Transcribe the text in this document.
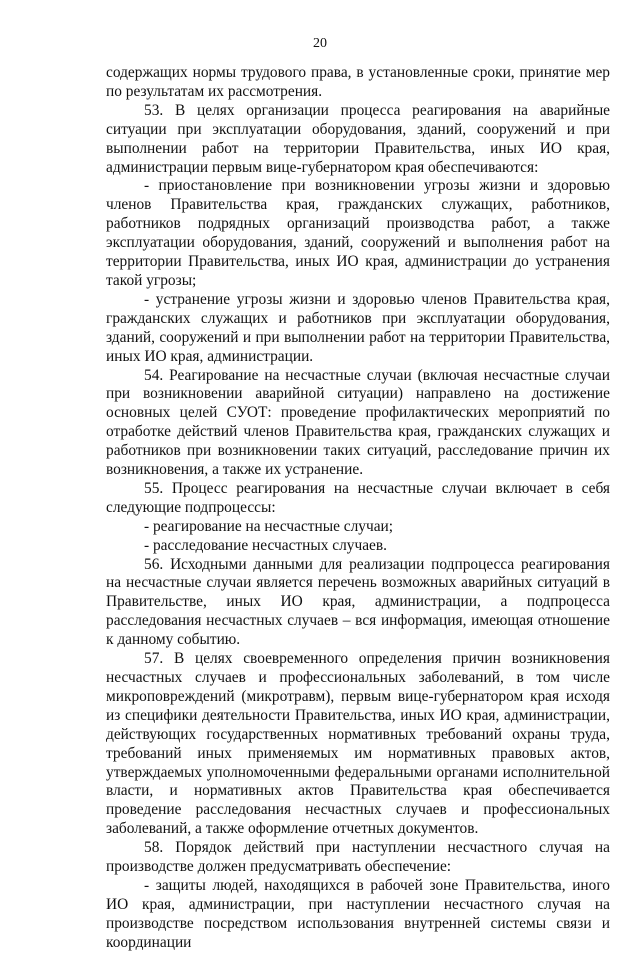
20

содержащих нормы трудового права, в установленные сроки, принятие мер по результатам их рассмотрения.

53. В целях организации процесса реагирования на аварийные ситуации при эксплуатации оборудования, зданий, сооружений и при выполнении работ на территории Правительства, иных ИО края, администрации первым вице-губернатором края обеспечиваются:

- приостановление при возникновении угрозы жизни и здоровью членов Правительства края, гражданских служащих, работников, работников подрядных организаций производства работ, а также эксплуатации оборудования, зданий, сооружений и выполнения работ на территории Правительства, иных ИО края, администрации до устранения такой угрозы;

- устранение угрозы жизни и здоровью членов Правительства края, гражданских служащих и работников при эксплуатации оборудования, зданий, сооружений и при выполнении работ на территории Правительства, иных ИО края, администрации.

54. Реагирование на несчастные случаи (включая несчастные случаи при возникновении аварийной ситуации) направлено на достижение основных целей СУОТ: проведение профилактических мероприятий по отработке действий членов Правительства края, гражданских служащих и работников при возникновении таких ситуаций, расследование причин их возникновения, а также их устранение.

55. Процесс реагирования на несчастные случаи включает в себя следующие подпроцессы:

- реагирование на несчастные случаи;

- расследование несчастных случаев.

56. Исходными данными для реализации подпроцесса реагирования на несчастные случаи является перечень возможных аварийных ситуаций в Правительстве, иных ИО края, администрации, а подпроцесса расследования несчастных случаев – вся информация, имеющая отношение к данному событию.

57. В целях своевременного определения причин возникновения несчастных случаев и профессиональных заболеваний, в том числе микроповреждений (микротравм), первым вице-губернатором края исходя из специфики деятельности Правительства, иных ИО края, администрации, действующих государственных нормативных требований охраны труда, требований иных применяемых им нормативных правовых актов, утверждаемых уполномоченными федеральными органами исполнительной власти, и нормативных актов Правительства края обеспечивается проведение расследования несчастных случаев и профессиональных заболеваний, а также оформление отчетных документов.

58. Порядок действий при наступлении несчастного случая на производстве должен предусматривать обеспечение:

- защиты людей, находящихся в рабочей зоне Правительства, иного ИО края, администрации, при наступлении несчастного случая на производстве посредством использования внутренней системы связи и координации
